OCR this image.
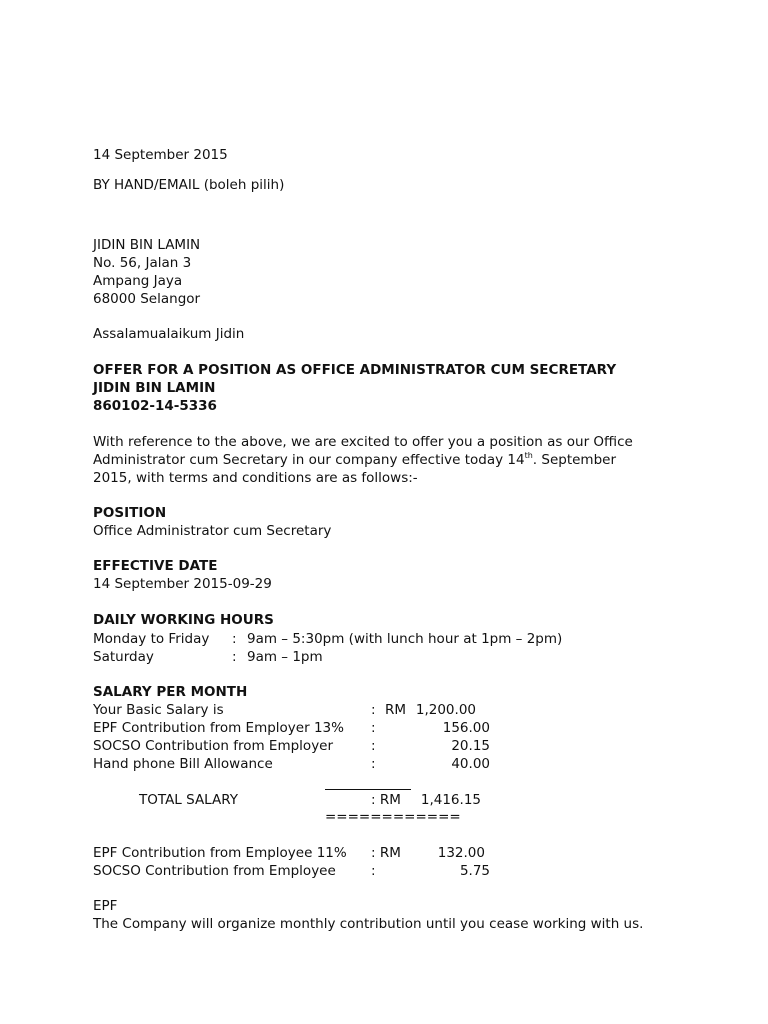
14 September 2015
BY HAND/EMAIL (boleh pilih)
JIDIN BIN LAMIN
No. 56, Jalan 3
Ampang Jaya
68000 Selangor
Assalamualaikum Jidin
OFFER FOR A POSITION AS OFFICE ADMINISTRATOR CUM SECRETARY
JIDIN BIN LAMIN
860102-14-5336
With reference to the above, we are excited to offer you a position as our Office
Administrator cum Secretary in our company effective today 14th. September
2015, with terms and conditions are as follows:-
POSITION
Office Administrator cum Secretary
EFFECTIVE DATE
14 September 2015-09-29
DAILY WORKING HOURS
Monday to Friday : 9am – 5:30pm (with lunch hour at 1pm – 2pm)
Saturday	: 9am – 1pm
SALARY PER MONTH
Your Basic Salary is	: RM 1,200.00
EPF Contribution from Employer 13% :	156.00
SOCSO Contribution from Employer	:	20.15
Hand phone Bill Allowance	:	40.00
TOTAL SALARY	: RM	1,416.15
============
EPF Contribution from Employee 11% : RM	132.00
SOCSO Contribution from Employee	:	5.75
EPF
The Company will organize monthly contribution until you cease working with us.
